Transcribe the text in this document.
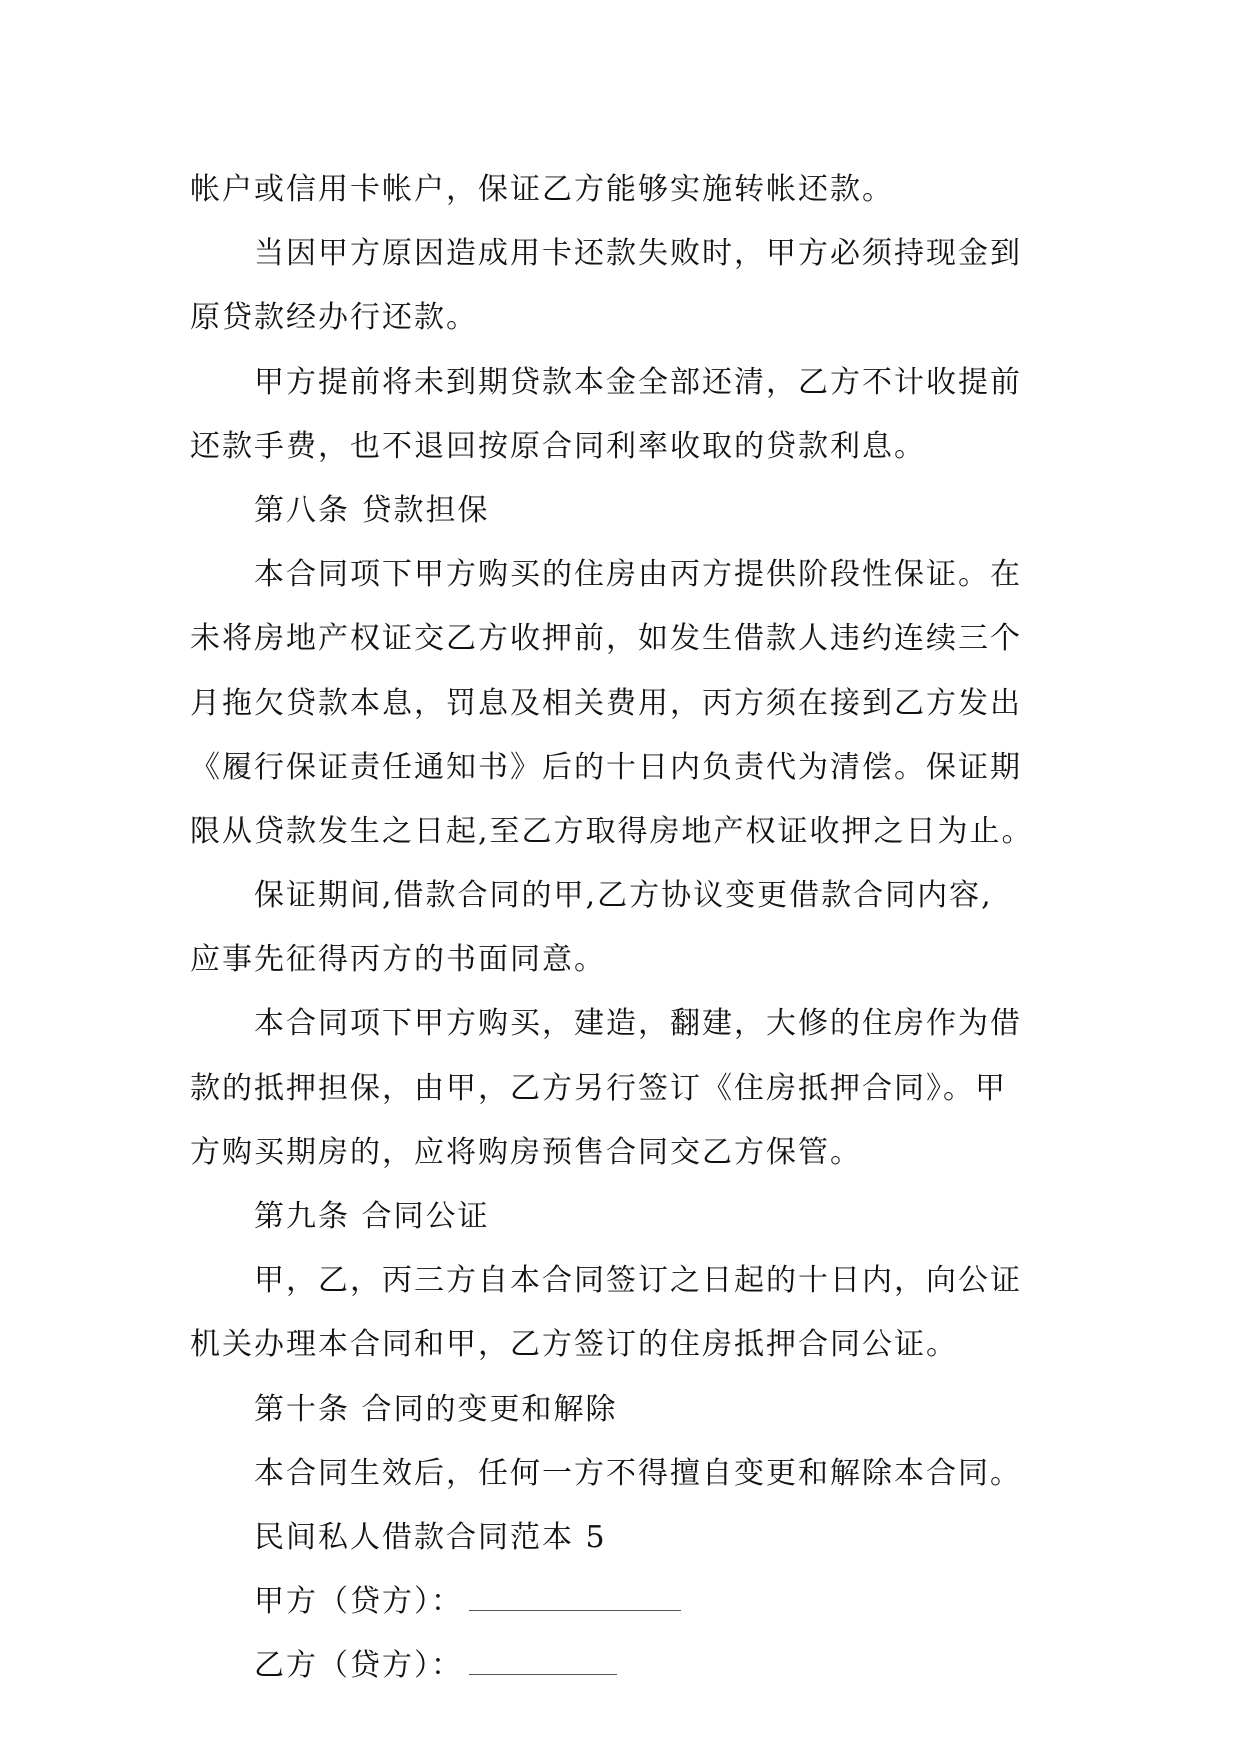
帐户或信用卡帐户，保证乙方能够实施转帐还款。
当因甲方原因造成用卡还款失败时，甲方必须持现金到
原贷款经办行还款。
甲方提前将未到期贷款本金全部还清，乙方不计收提前
还款手费，也不退回按原合同利率收取的贷款利息。
第八条 贷款担保
本合同项下甲方购买的住房由丙方提供阶段性保证。在
未将房地产权证交乙方收押前，如发生借款人违约连续三个
月拖欠贷款本息，罚息及相关费用，丙方须在接到乙方发出
《履行保证责任通知书》后的十日内负责代为清偿。保证期
限从贷款发生之日起,至乙方取得房地产权证收押之日为止。
保证期间,借款合同的甲,乙方协议变更借款合同内容,
应事先征得丙方的书面同意。
本合同项下甲方购买，建造，翻建，大修的住房作为借
款的抵押担保，由甲，乙方另行签订《住房抵押合同》。甲
方购买期房的，应将购房预售合同交乙方保管。
第九条 合同公证
甲，乙，丙三方自本合同签订之日起的十日内，向公证
机关办理本合同和甲，乙方签订的住房抵押合同公证。
第十条 合同的变更和解除
本合同生效后，任何一方不得擅自变更和解除本合同。
民间私人借款合同范本 5
甲方（贷方）：
乙方（贷方）：
